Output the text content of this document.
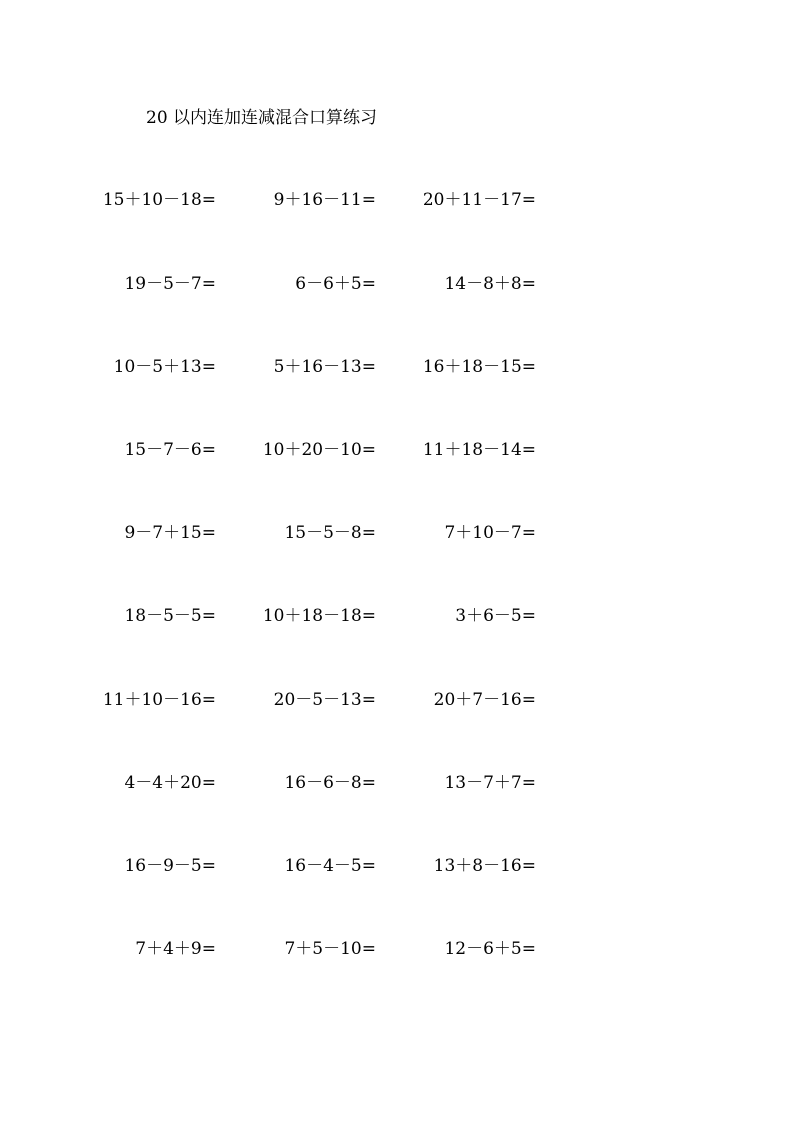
20 以内连加连减混合口算练习
15＋10－18=	9＋16－11=	20＋11－17=
19－5－7=	6－6＋5=	14－8＋8=
10－5＋13=	5＋16－13=	16＋18－15=
15－7－6=	10＋20－10=	11＋18－14=
9－7＋15=	15－5－8=	7＋10－7=
18－5－5=	10＋18－18=	3＋6－5=
11＋10－16=	20－5－13=	20＋7－16=
4－4＋20=	16－6－8=	13－7＋7=
16－9－5=	16－4－5=	13＋8－16=
7＋4＋9=	7＋5－10=	12－6＋5=
